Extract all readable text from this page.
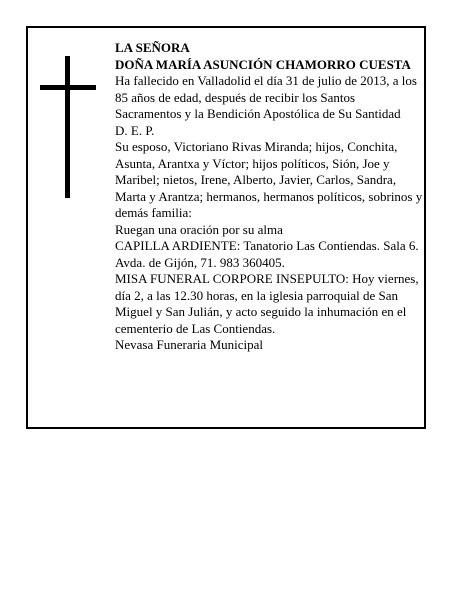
LA SEÑORA

DOÑA MARÍA ASUNCIÓN CHAMORRO CUESTA

Ha fallecido en Valladolid el día 31 de julio de 2013, a los 85 años de edad, después de recibir los Santos Sacramentos y la Bendición Apostólica de Su Santidad

D. E. P.

Su esposo, Victoriano Rivas Miranda; hijos, Conchita, Asunta, Arantxa y Víctor; hijos políticos, Sión, Joe y Maribel; nietos, Irene, Alberto, Javier, Carlos, Sandra, Marta y Arantza; hermanos, hermanos políticos, sobrinos y demás familia:

Ruegan una oración por su alma

CAPILLA ARDIENTE: Tanatorio Las Contiendas. Sala 6. Avda. de Gijón, 71. 983 360405.

MISA FUNERAL CORPORE INSEPULTO: Hoy viernes, día 2, a las 12.30 horas, en la iglesia parroquial de San Miguel y San Julián, y acto seguido la inhumación en el cementerio de Las Contiendas.

Nevasa Funeraria Municipal
